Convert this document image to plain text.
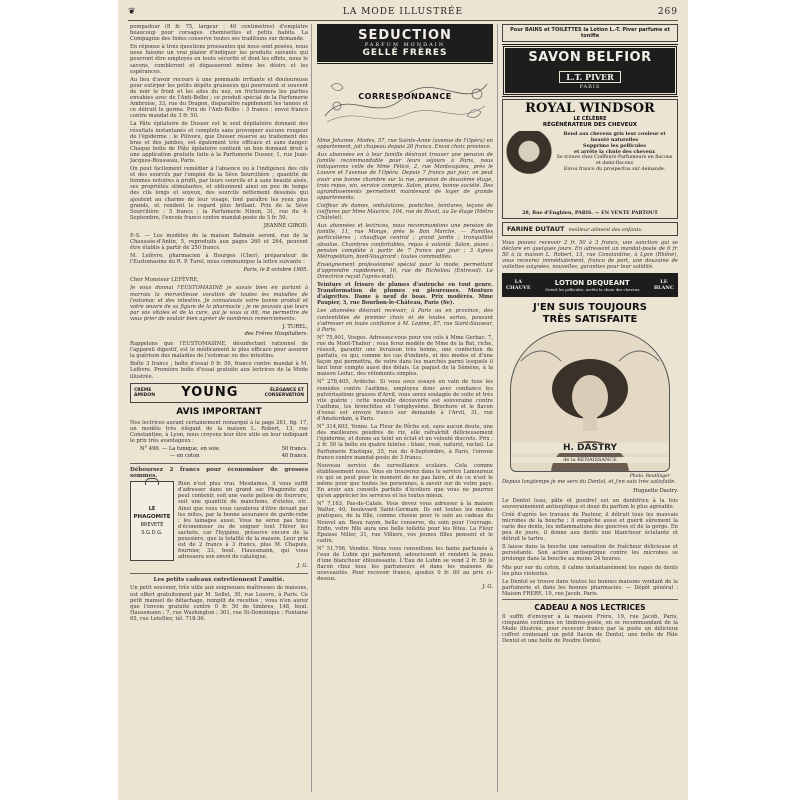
❦	LA MODE ILLUSTRÉE	269

pompadour (8 fr. 75, largeur : 40 centimètres) d'emplâtre beaucoup pour corsages. chemisettes et petits habits. La Compagnie des Indes conserve toutes ses traditions sur demande.

En réponse à trois questions pressantes qui nous sont posées, nous nous faisons un vrai plaisir d'indiquer les produits suivants qui pourront être employés en toute sécurité et dont les effets, nous le savons, combleront et dépasseront même les désirs et les espérances.

Au lieu d'avoir recours à une pommade irritante et douloureuse pour extirper les petits dépôts graisseux qui pourraient si souvent de noir le front et les ailes du nez, on frictionnera les parties envahies avec de l'Anti-Bolbo ; ce produit spécial de la Parfumerie Ambroise, 33, rue du Dragon, disparaître rapidement les tannes et ce détruit le germe. Prix de l'Anti-Bolbo : 3 francs ; envoi franco contre mandat de 3 fr. 50.

La Pâte épilatoire de Dusser est le seul dépilatoire donnant des résultats instantanés et complets sans provoquer aucune rougeur de l'épiderme ; le Pilivore, que Dusser réserve au traitement des bras et des jambes, est également très efficace et sans danger. Chaque boîte de Pâte épilatoire contient un bon donnant droit à une application gratuite faite à la Parfumerie Dusser, 1, rue Jean-Jacques-Rousseau, Paris.

On peut facilement remédier à l'absence ou à l'indigence des cils et des sourcils par l'emploi de la Sève Sourcilière ; quantité de femmes notoires à profit, par leurs sourcils et à sans beauté aisés, ses propriétés stimulantes, et obtiennent ainsi en peu de temps des cils longs et soyeux, des sourcils nettement dessinés qui ajoutent au charme de leur visage, font paraître les yeux plus grands, et rendent le regard plus brillant. Prix de la Sève Sourcilière : 5 francs ; la Parfumerie Ninon, 31, rue du 4-Septembre, l'envoie franco contre mandat-poste de 5 fr. 50.

JEANNE GIROD.

P.-S. — Les modèles de la maison Balmain seront, rue de la Chaussée-d'Antin, 5, reproduits aux pages 260 et 264, peuvent être établis à partir de 250 francs.

M. Lefèvre, pharmacien à Bourges (Cher), préparateur de l'Eustomasine du R. P. Turel, nous communique la lettre suivante :

Paris, le 8 octobre 1905.

Cher Monsieur LEFÈVRE,

Je vous donnai l'EUSTOMASINE je savais bien en parlant à marrais la merveilleuse vocation de toutes les maladies de l'estomac et des intestins. Je connaissais votre bonne produit et votre œuvre de sa figure de la pharmacie ; je ne pouvais que leurs par vos vitales et de la cure, qui je vous ai dit, me permettre de vous prier de vouloir bien agréer de nombreux remerciements.

J. TUREL,
des Frères Hospitaliers.

Rappelons que l'EUSTOMASINE, désinfectant rationnel de l'appareil digestif, est le médicament le plus efficace pour assurer la guérison des maladies de l'estomac ou des intestins.

Boîte 3 francs ; boîte d'essai 0 fr. 50, franco contre mandat à M. Lefèvre. Première boîte d'essai gratuite aux lectrices de la Mode illustrée.

CRÈME
AMIDON YOUNG	ÉLÉGANCE ET
CONSERVATION
AVIS IMPORTANT

Nos lectrices aurant certainement remarqué à la page 261, fig. 17, un modèle très élégant de la maison L. Robert, 13, rue Constantine, à Lyon, nous croyons leur être utile en leur indiquant le prix très avantageux :

N° 490. — La tunique, en soie	50 francs.
— en coton	40 francs.

Déboursez 2 francs pour économiser de grosses sommes.

LE
PHAGOMITE
BREVETÉ
S.G.D.G.

Rien n'est plus vrai. Mesdames, il vous suffit d'adresser dans un grand sac Phagomite qui peut contenir, soit une vaste pelisse de fourrure, soit une quantité de manchons, d'étoles, etc. Ainsi que vous vous cavalerez d'être devant par les mites, par la bonne assurance de garde-robe ; les lainages aussi. Vous ne serez pas tenu d'économiser ou de soigner tout l'hiver les sachets, car l'hygiène, préserve encore de la poussière, que la totalité de la maison. Leur prix est de 2 francs à 3 francs, plus M. Chapuis, fournier, 33, boul. Haussmann, qui vous adressera son envoi de catalogue.

J. G.

Les petits cadeaux entretiennent l'amitié.

Un petit souvenir, très utile aux soigneuses maîtresses de maisons, est offert gratuitement par M. Sollet, 30, rue Louvre, à Paris. Ce petit manuel de détachage, remplit de recettes ; vous n'en aurez que l'envoie gratuite contre 0 fr. 50 de timbres, 148, boul. Haussmann ; 7, rue Washington ; 301, rue St-Dominique ; Fontaine 65, rue Letellier, tél. 718-36.

SEDUCTION
PARFUM MONDAIN
GELLÉ FRÈRES
CORRESPONDANCE

Mme Jehanne, Modes, 57, rue Sainte-Anne (avenue de l'Opéra) en appartement, joli chapeau depuis 20 francs. Envoi choix province.

Aux abonnées en à leur famille désirant trouver une pension de famille recommandable pour leurs séjours à Paris, nous indiquerons celle de Mme Félicé, 2, rue Montesquieu, près le Louvre et l'avenue de l'Opéra. Depuis 7 francs par jour, on peut avoir une bonne chambre sur la rue, pension de deuxième étage, trois repas, vin, service compris. Salon, piano, bonne société. Des agrandissements permettent maintenant de loger de grande appartements.

Coiffeur de dames, ondulations, postiches, teintures, leçons de coiffures par Mme Maurice, 104, rue de Rivoli, au 2e étage (Métro Châtelet).

Aux abonnées et lectrices, nous recommandons une pension de famille, 11, rue Monge, près le Bon Marché. — Familles particulières ; chauffage central ; grand jardin ; tranquillité absolue. Chambres confortables, repas à volonté. Salon, piano ; pension complète à partir de 7 francs par jour ; 3 lignes Métropolitain, bord-Vaugirard : toutes commodités.

Enseignement professionnel spécial pour la mode, permettant d'apprendre rapidement, 16, rue de Richelieu (Entresol). Le Directrice reçoit l'après-midi.

Teinture et frisure de plumes d'autruche en tout genre. Transformation de plumes en pleureuses. Monture d'aigrettes. Dame à neuf de boas. Prix modérés. Mme Paupier, 3, rue Bourbon-le-Château, Paris (6e).

Les abonnées désirant recevoir, à Paris ou en province, des contentibles de premier choix et de toutes sortes, pouvant s'adresser en toute confiance à M. Lepine, 87, rue Saint-Sauveur, à Paris.

N° 75,901, Vosges. Adressez-vous pour vos cols à Mme Gerbac, 7, rue du Mont-Thabor ; vous ferez modèle de Mme de la Bat, riche, réussit, garantir une livraison très bonne, une confection de parfaits, ce qui, comme les cas d'enfants, et des modes et d'une façon qui permettra, de votre dans les marchés parmi lesquels il faut tenir compte aussi des délais. Le paquet de la Sémène, à la maison Leduc, des vêtements simples.

N° 278,405, Ardèche. Si vous avez essayé en vain de tous les remèdes contre l'asthme, employez donc avec confiance les pulvérisations grasses d'Arvil, vous serez soulagée de suite et très vite guérie ; cette nouvelle découverte est souveraine contre l'asthme, les bronchites et l'emphysème. Brochure et le flacon d'essai est envoyé franco sur demande à l'Arvil, 31, rue d'Amsterdam, à Paris.

N° 314,803, Yonne. La Fleur de Pêche est, sans aucun doute, une des meilleures poudres de riz, elle rafraîchit délicieusement l'épiderme, et donne au teint un éclat et un velouté discrets. Prix : 2 fr. 50 la boîte en quatre teintes : blanc, rosé, naturel, rachel. La Parfumerie Exotique, 35, rue du 4-Septembre, à Paris, l'envoie franco contre mandat-poste de 3 francs.

Nouveau service de surveillance scolaire. Cela comme établissement nous. Vous en trouverez dans le service Lamoureux ce qui se peut pour le moment de ne pas faire, et de ce n'est le même pour que toutes les personnes, à savoir sur de votre pays. En avoir aux conseils parfaits d'écoliers que vous ne pourrez qu'en apprécier les services et les toutes mieux.

N° 7,163, Pas-de-Calais. Vous devez vous adresser à la maison Walter, 40, boulevard Saint-Germain. Ils ont toutes les modes pratiques, de la fille, comme choisie pour le soin au cadeau du Nouvel an. Beau rayon, belle conserve, du soin pour l'ouvrage. Enfin, votre fille aura une belle toilette pour les fêtes. La Fleur Épaisse Niller, 31, rue Villiers, vos jeunes filles pensent et le cadre.

N° 51,796, Vendée. Nous vous conseillons les bains parfumés à l'eau de Lubin qui parfument, adoucissent et rendent la peau d'une blancheur éblouissante. L'Eau de Lubin se vend 2 fr. 50 le flacon chez tous les parfumeurs et dans les maisons de nouveautés. Pour recevoir franco, ajoutez 0 fr. 60 au prix ci-dessus.

J. G.
Pour BAINS et TOILETTES la Lotion L.-T. Piver parfume et tonifie
SAVON BELFIOR
L.T. PIVER
PARIS
ROYAL WINDSOR
LE CÉLÈBRE
RÉGÉNÉRATEUR DES CHEVEUX
Rend aux cheveux gris leur couleur et beauté naturelles
Supprime les pellicules
et arrête la chute des cheveux
Se trouve chez Coiffeurs-Parfumeurs en flacons et demi-flacons
Envoi franco du prospectus sur demande.
28, Rue d'Enghien, PARIS. — EN VENTE PARTOUT
FARINE DUTAUT meilleur aliment des enfants.

Vous pouvez recevoir 2 fr. 50 à 3 francs, une sanction qui se déclare en quelques jours. En adressant un mandat-poste de 6 fr. 50 à la maison L. Robert, 13, rue Constantine, à Lyon (Rhône), vous recevrez immédiatement, franco de port, une douzaine de voilettes soignées, nouvelles, garanties pour leur solidité.

LA
CHAUVE
LOTION DEQUEANT
Guérit les pellicules, arrête la chute des cheveux
LE
BLANC
J'EN SUIS TOUJOURS
TRÈS SATISFAITE
H. DASTRY
de la RENAISSANCE
Photo. Reutlinger

Depuis longtemps je me sers du Dentol, et j'en suis très satisfaite.

Huguette Dastry.

Le Dentol (eau, pâte et poudre) est un dentifrice à la fois souverainement antiseptique et doué du parfum le plus agréable.

Créé d'après les travaux de Pasteur, il détruit tous les mauvais microbes de la bouche ; il empêche aussi et guérit sûrement la carie des dents, les inflammations des gencives et de la gorge. En peu de jours, il donne aux dents une blancheur éclatante et détruit le tartre.

Il laisse dans la bouche une sensation de fraîcheur délicieuse et persistante. Son action antiseptique contre les microbes se prolonge dans la bouche au moins 24 heures.

Mis pur sur du coton, il calme instantanément les rages de dents les plus violentes.

Le Dentol se trouve dans toutes les bonnes maisons vendant de la parfumerie et dans les bonnes pharmacies. — Dépôt général : Maison FRÈRE, 19, rue Jacob, Paris.

CADEAU A NOS LECTRICES

Il suffit d'envoyer à la maison Frère, 19, rue Jacob, Paris, cinquante centimes en timbres-poste, en se recommandant de la Mode illustrée, pour recevoir franco par la poste un délicieux coffret contenant un petit flacon de Dentol, une boîte de Pâte Dentol et une boîte de Poudre Dentol.
